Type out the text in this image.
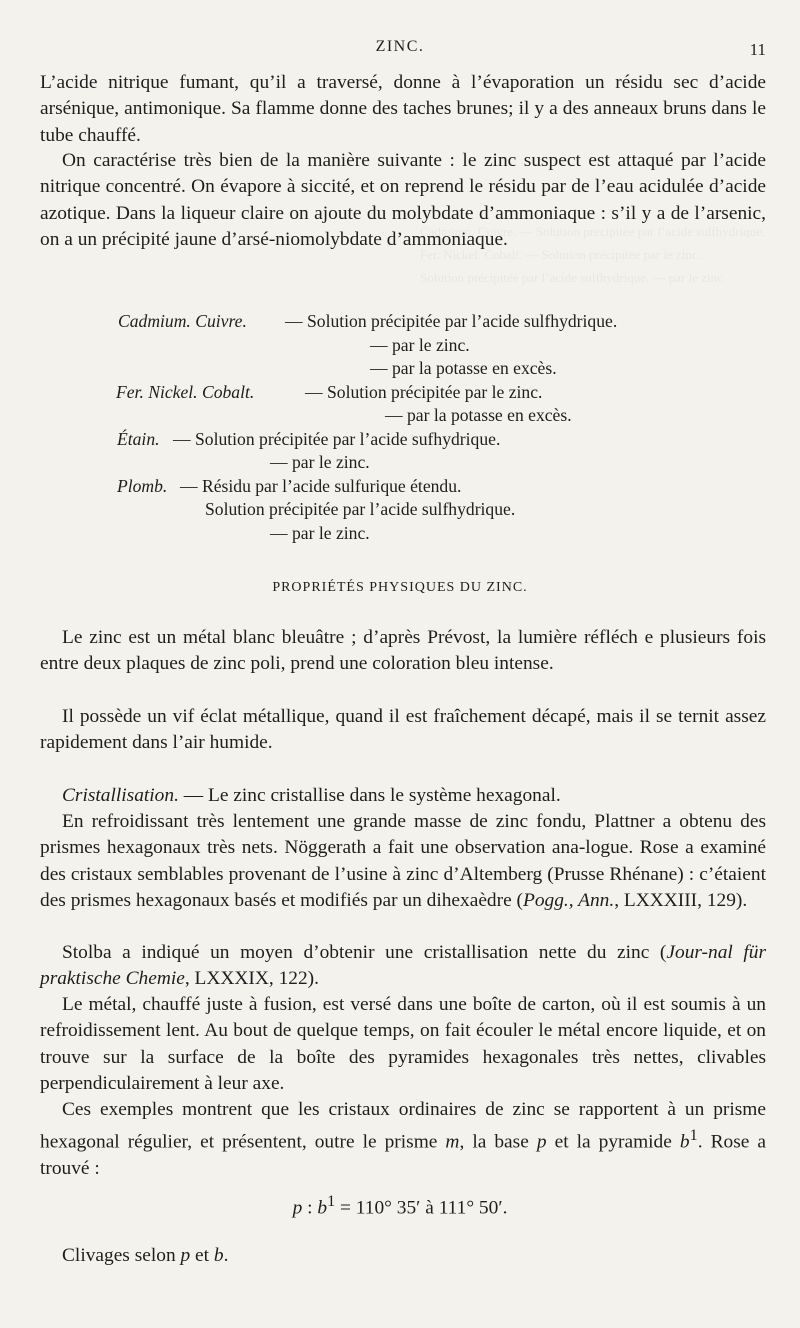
Cadmium. Cuivre. — Solution précipitée par l’acide sulfhydrique.
Fer. Nickel. Cobalt. — Solution précipitée par le zinc.
Solution précipitée par l’acide sulfhydrique. — par le zinc.
ZINC.	11

L’acide nitrique fumant, qu’il a traversé, donne à l’évaporation un résidu sec d’acide arsénique, antimonique. Sa flamme donne des taches brunes; il y a des anneaux bruns dans le tube chauffé.

On caractérise très bien de la manière suivante : le zinc suspect est attaqué par l’acide nitrique concentré. On évapore à siccité, et on reprend le résidu par de l’eau acidulée d’acide azotique. Dans la liqueur claire on ajoute du molybdate d’ammoniaque : s’il y a de l’arsenic, on a un précipité jaune d’arsé-niomolybdate d’ammoniaque.

Cadmium. Cuivre. — Solution précipitée par l’acide sulfhydrique.
— par le zinc.
— par la potasse en excès.
Fer. Nickel. Cobalt.	— Solution précipitée par le zinc.
— par la potasse en excès.
Étain. — Solution précipitée par l’acide sufhydrique.
— par le zinc.
Plomb. — Résidu par l’acide sulfurique étendu.
Solution précipitée par l’acide sulfhydrique.
— par le zinc.
PROPRIÉTÉS PHYSIQUES DU ZINC.

Le zinc est un métal blanc bleuâtre ; d’après Prévost, la lumière réfléch e plusieurs fois entre deux plaques de zinc poli, prend une coloration bleu intense.

Il possède un vif éclat métallique, quand il est fraîchement décapé, mais il se ternit assez rapidement dans l’air humide.

Cristallisation. — Le zinc cristallise dans le système hexagonal.

En refroidissant très lentement une grande masse de zinc fondu, Plattner a obtenu des prismes hexagonaux très nets. Nöggerath a fait une observation ana-logue. Rose a examiné des cristaux semblables provenant de l’usine à zinc d’Altemberg (Prusse Rhénane) : c’étaient des prismes hexagonaux basés et modifiés par un dihexaèdre (Pogg., Ann., LXXXIII, 129).

Stolba a indiqué un moyen d’obtenir une cristallisation nette du zinc (Jour-nal für praktische Chemie, LXXXIX, 122).

Le métal, chauffé juste à fusion, est versé dans une boîte de carton, où il est soumis à un refroidissement lent. Au bout de quelque temps, on fait écouler le métal encore liquide, et on trouve sur la surface de la boîte des pyramides hexagonales très nettes, clivables perpendiculairement à leur axe.

Ces exemples montrent que les cristaux ordinaires de zinc se rapportent à un prisme hexagonal régulier, et présentent, outre le prisme m, la base p et la pyramide $b^1$. Rose a trouvé :

p : $b^1 = 110^\circ$ 35′ à 111° 50′.

Clivages selon p et b.
